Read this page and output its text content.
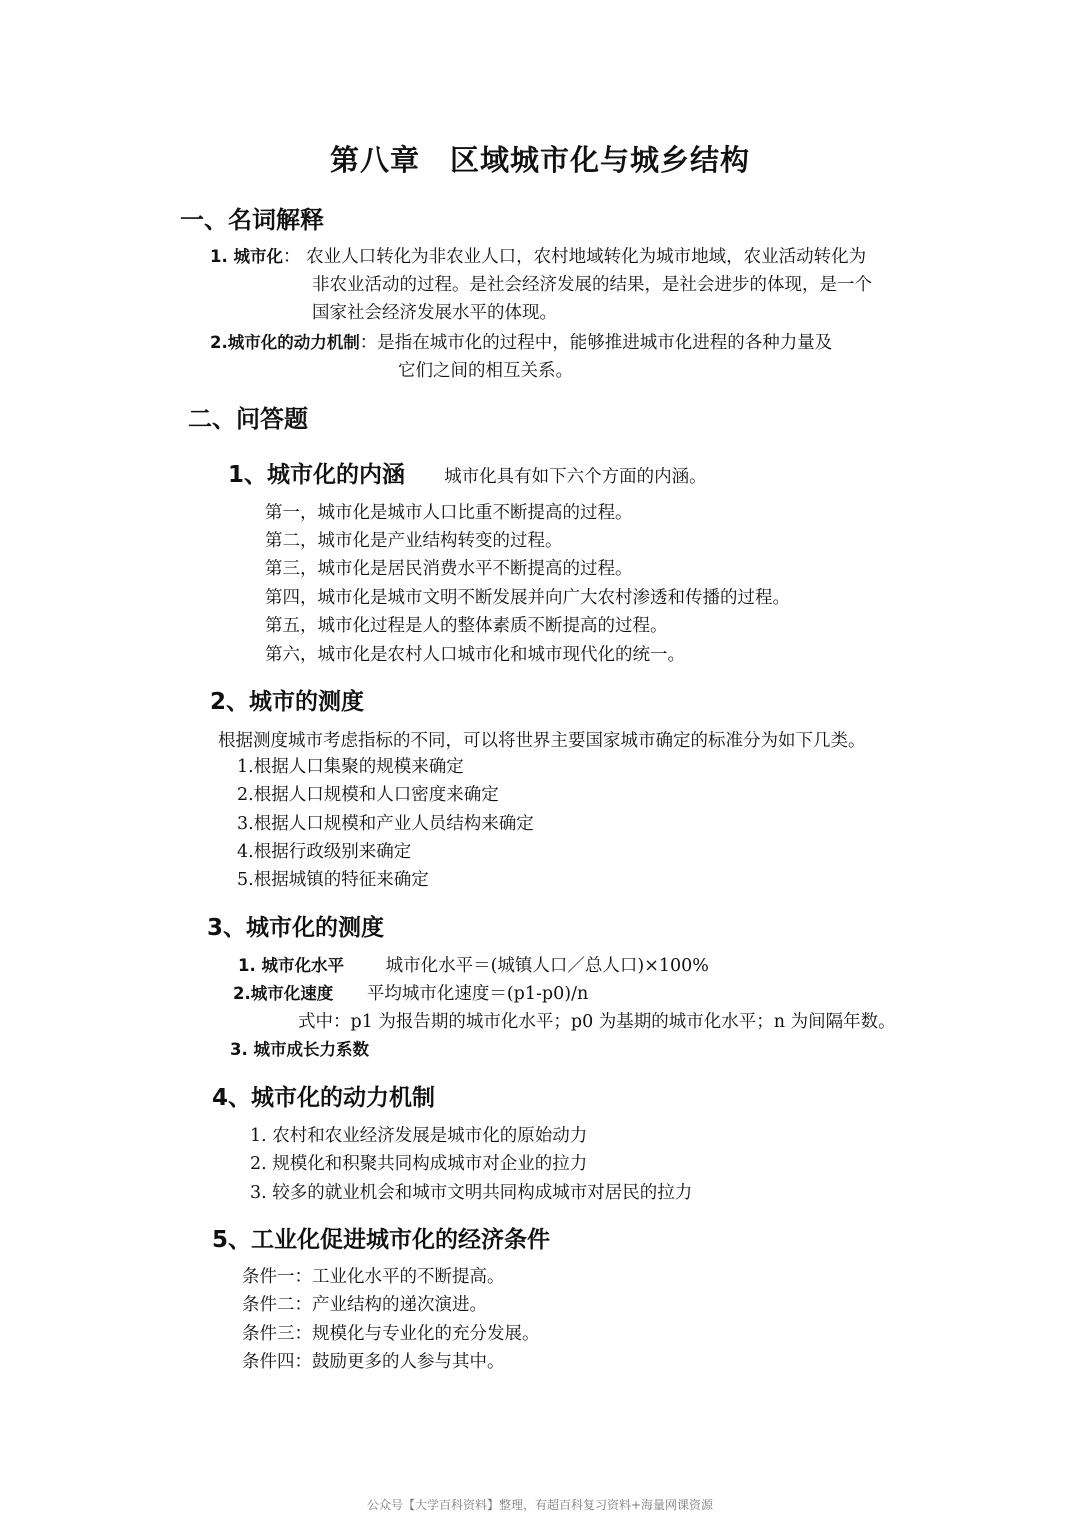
第八章　区域城市化与城乡结构
一、名词解释
1. 城市化： 农业人口转化为非农业人口，农村地域转化为城市地域，农业活动转化为
非农业活动的过程。是社会经济发展的结果，是社会进步的体现，是一个
国家社会经济发展水平的体现。
2.城市化的动力机制：是指在城市化的过程中，能够推进城市化进程的各种力量及
它们之间的相互关系。
二、问答题
1、城市化的内涵 城市化具有如下六个方面的内涵。
第一，城市化是城市人口比重不断提高的过程。
第二，城市化是产业结构转变的过程。
第三，城市化是居民消费水平不断提高的过程。
第四，城市化是城市文明不断发展并向广大农村渗透和传播的过程。
第五，城市化过程是人的整体素质不断提高的过程。
第六，城市化是农村人口城市化和城市现代化的统一。
2、城市的测度
根据测度城市考虑指标的不同，可以将世界主要国家城市确定的标准分为如下几类。
1.根据人口集聚的规模来确定
2.根据人口规模和人口密度来确定
3.根据人口规模和产业人员结构来确定
4.根据行政级别来确定
5.根据城镇的特征来确定
3、城市化的测度
1. 城市化水平 城市化水平＝(城镇人口／总人口)×100%
2.城市化速度 平均城市化速度＝(p1-p0)/n
式中：p1 为报告期的城市化水平；p0 为基期的城市化水平；n 为间隔年数。
3. 城市成长力系数
4、城市化的动力机制
1. 农村和农业经济发展是城市化的原始动力
2. 规模化和积聚共同构成城市对企业的拉力
3. 较多的就业机会和城市文明共同构成城市对居民的拉力
5、工业化促进城市化的经济条件
条件一：工业化水平的不断提高。
条件二：产业结构的递次演进。
条件三：规模化与专业化的充分发展。
条件四：鼓励更多的人参与其中。
公众号【大学百科资料】整理，有超百科复习资料+海量网课资源
